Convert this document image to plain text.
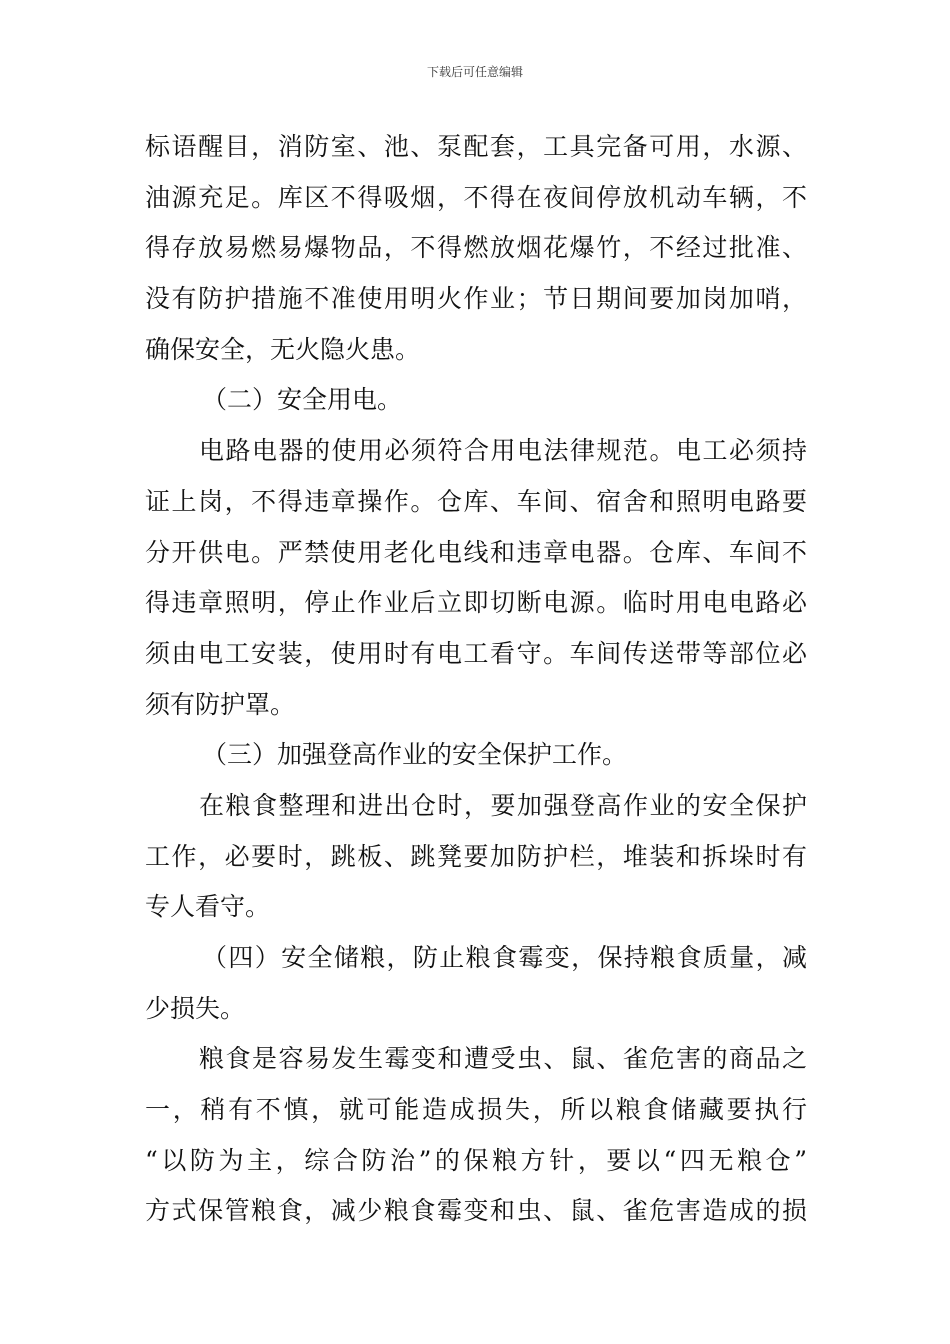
下载后可任意编辑
标语醒目，消防室、池、泵配套，工具完备可用，水源、
油源充足。库区不得吸烟，不得在夜间停放机动车辆，不
得存放易燃易爆物品，不得燃放烟花爆竹，不经过批准、
没有防护措施不准使用明火作业；节日期间要加岗加哨，
确保安全，无火隐火患。
（二）安全用电。
电路电器的使用必须符合用电法律规范。电工必须持
证上岗，不得违章操作。仓库、车间、宿舍和照明电路要
分开供电。严禁使用老化电线和违章电器。仓库、车间不
得违章照明，停止作业后立即切断电源。临时用电电路必
须由电工安装，使用时有电工看守。车间传送带等部位必
须有防护罩。
（三）加强登高作业的安全保护工作。
在粮食整理和进出仓时，要加强登高作业的安全保护
工作，必要时，跳板、跳凳要加防护栏，堆装和拆垛时有
专人看守。
（四）安全储粮，防止粮食霉变，保持粮食质量，减
少损失。
粮食是容易发生霉变和遭受虫、鼠、雀危害的商品之
一，稍有不慎，就可能造成损失，所以粮食储藏要执行
“以防为主，综合防治”的保粮方针，要以“四无粮仓”
方式保管粮食，减少粮食霉变和虫、鼠、雀危害造成的损
